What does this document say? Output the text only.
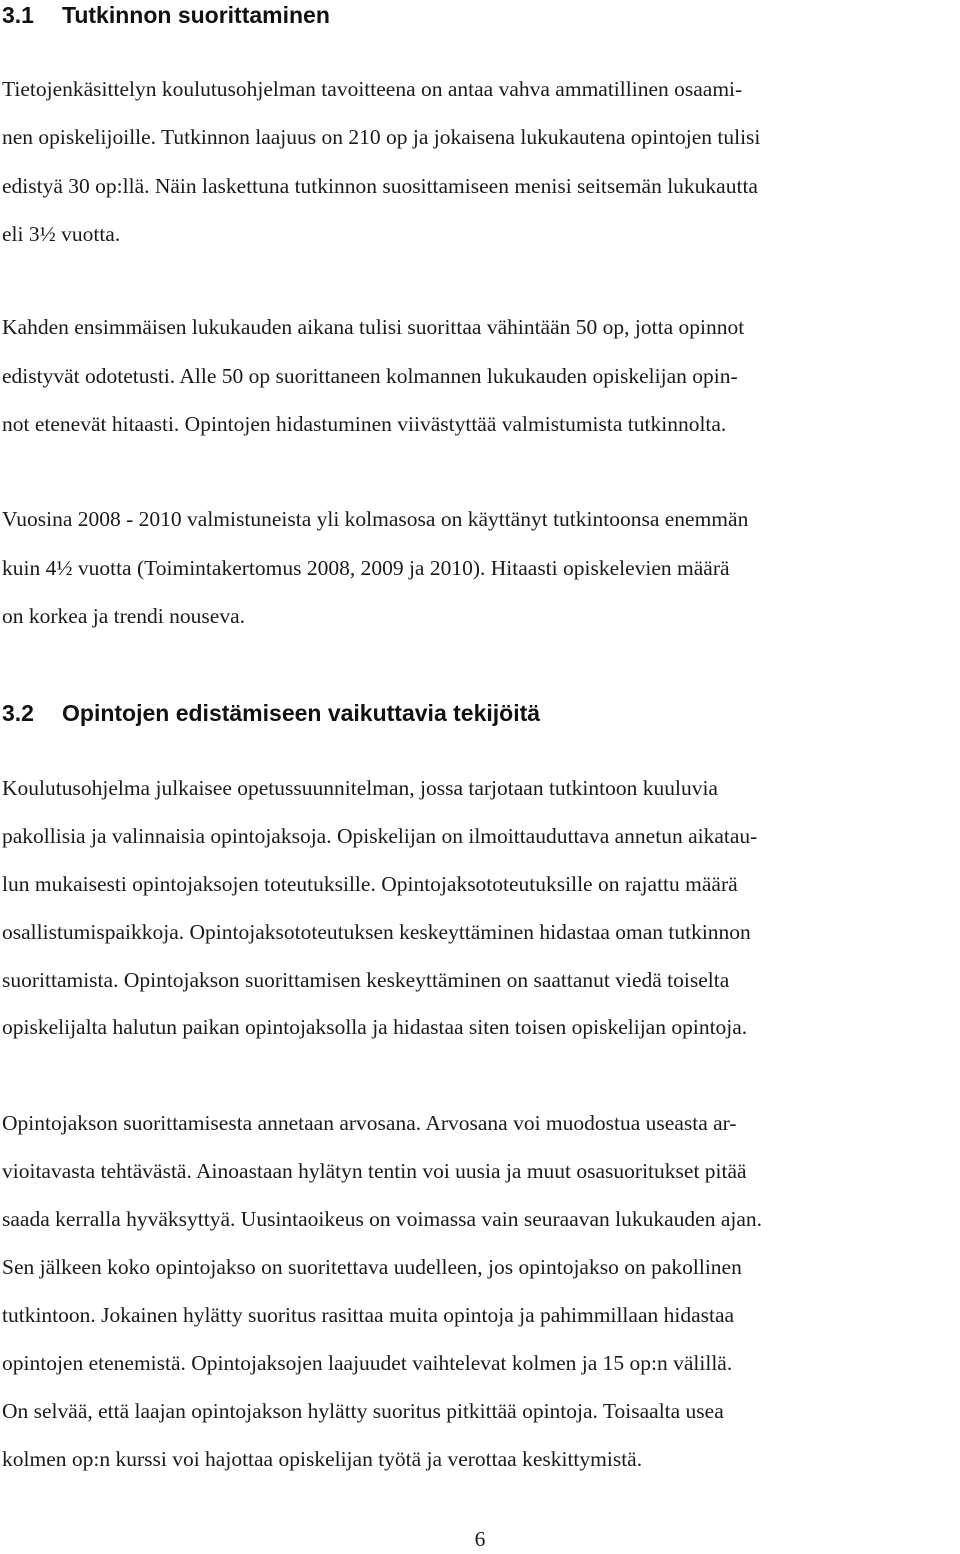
3.1 Tutkinnon suorittaminen

Tietojenkäsittelyn koulutusohjelman tavoitteena on antaa vahva ammatillinen osaami-

nen opiskelijoille. Tutkinnon laajuus on 210 op ja jokaisena lukukautena opintojen tulisi

edistyä 30 op:llä. Näin laskettuna tutkinnon suosittamiseen menisi seitsemän lukukautta

eli 3½ vuotta.

Kahden ensimmäisen lukukauden aikana tulisi suorittaa vähintään 50 op, jotta opinnot

edistyvät odotetusti. Alle 50 op suorittaneen kolmannen lukukauden opiskelijan opin-

not etenevät hitaasti. Opintojen hidastuminen viivästyttää valmistumista tutkinnolta.

Vuosina 2008 - 2010 valmistuneista yli kolmasosa on käyttänyt tutkintoonsa enemmän

kuin 4½ vuotta (Toimintakertomus 2008, 2009 ja 2010). Hitaasti opiskelevien määrä

on korkea ja trendi nouseva.

3.2 Opintojen edistämiseen vaikuttavia tekijöitä

Koulutusohjelma julkaisee opetussuunnitelman, jossa tarjotaan tutkintoon kuuluvia

pakollisia ja valinnaisia opintojaksoja. Opiskelijan on ilmoittauduttava annetun aikatau-

lun mukaisesti opintojaksojen toteutuksille. Opintojaksototeutuksille on rajattu määrä

osallistumispaikkoja. Opintojaksototeutuksen keskeyttäminen hidastaa oman tutkinnon

suorittamista. Opintojakson suorittamisen keskeyttäminen on saattanut viedä toiselta

opiskelijalta halutun paikan opintojaksolla ja hidastaa siten toisen opiskelijan opintoja.

Opintojakson suorittamisesta annetaan arvosana. Arvosana voi muodostua useasta ar-

vioitavasta tehtävästä. Ainoastaan hylätyn tentin voi uusia ja muut osasuoritukset pitää

saada kerralla hyväksyttyä. Uusintaoikeus on voimassa vain seuraavan lukukauden ajan.

Sen jälkeen koko opintojakso on suoritettava uudelleen, jos opintojakso on pakollinen

tutkintoon. Jokainen hylätty suoritus rasittaa muita opintoja ja pahimmillaan hidastaa

opintojen etenemistä. Opintojaksojen laajuudet vaihtelevat kolmen ja 15 op:n välillä.

On selvää, että laajan opintojakson hylätty suoritus pitkittää opintoja. Toisaalta usea

kolmen op:n kurssi voi hajottaa opiskelijan työtä ja verottaa keskittymistä.

6
